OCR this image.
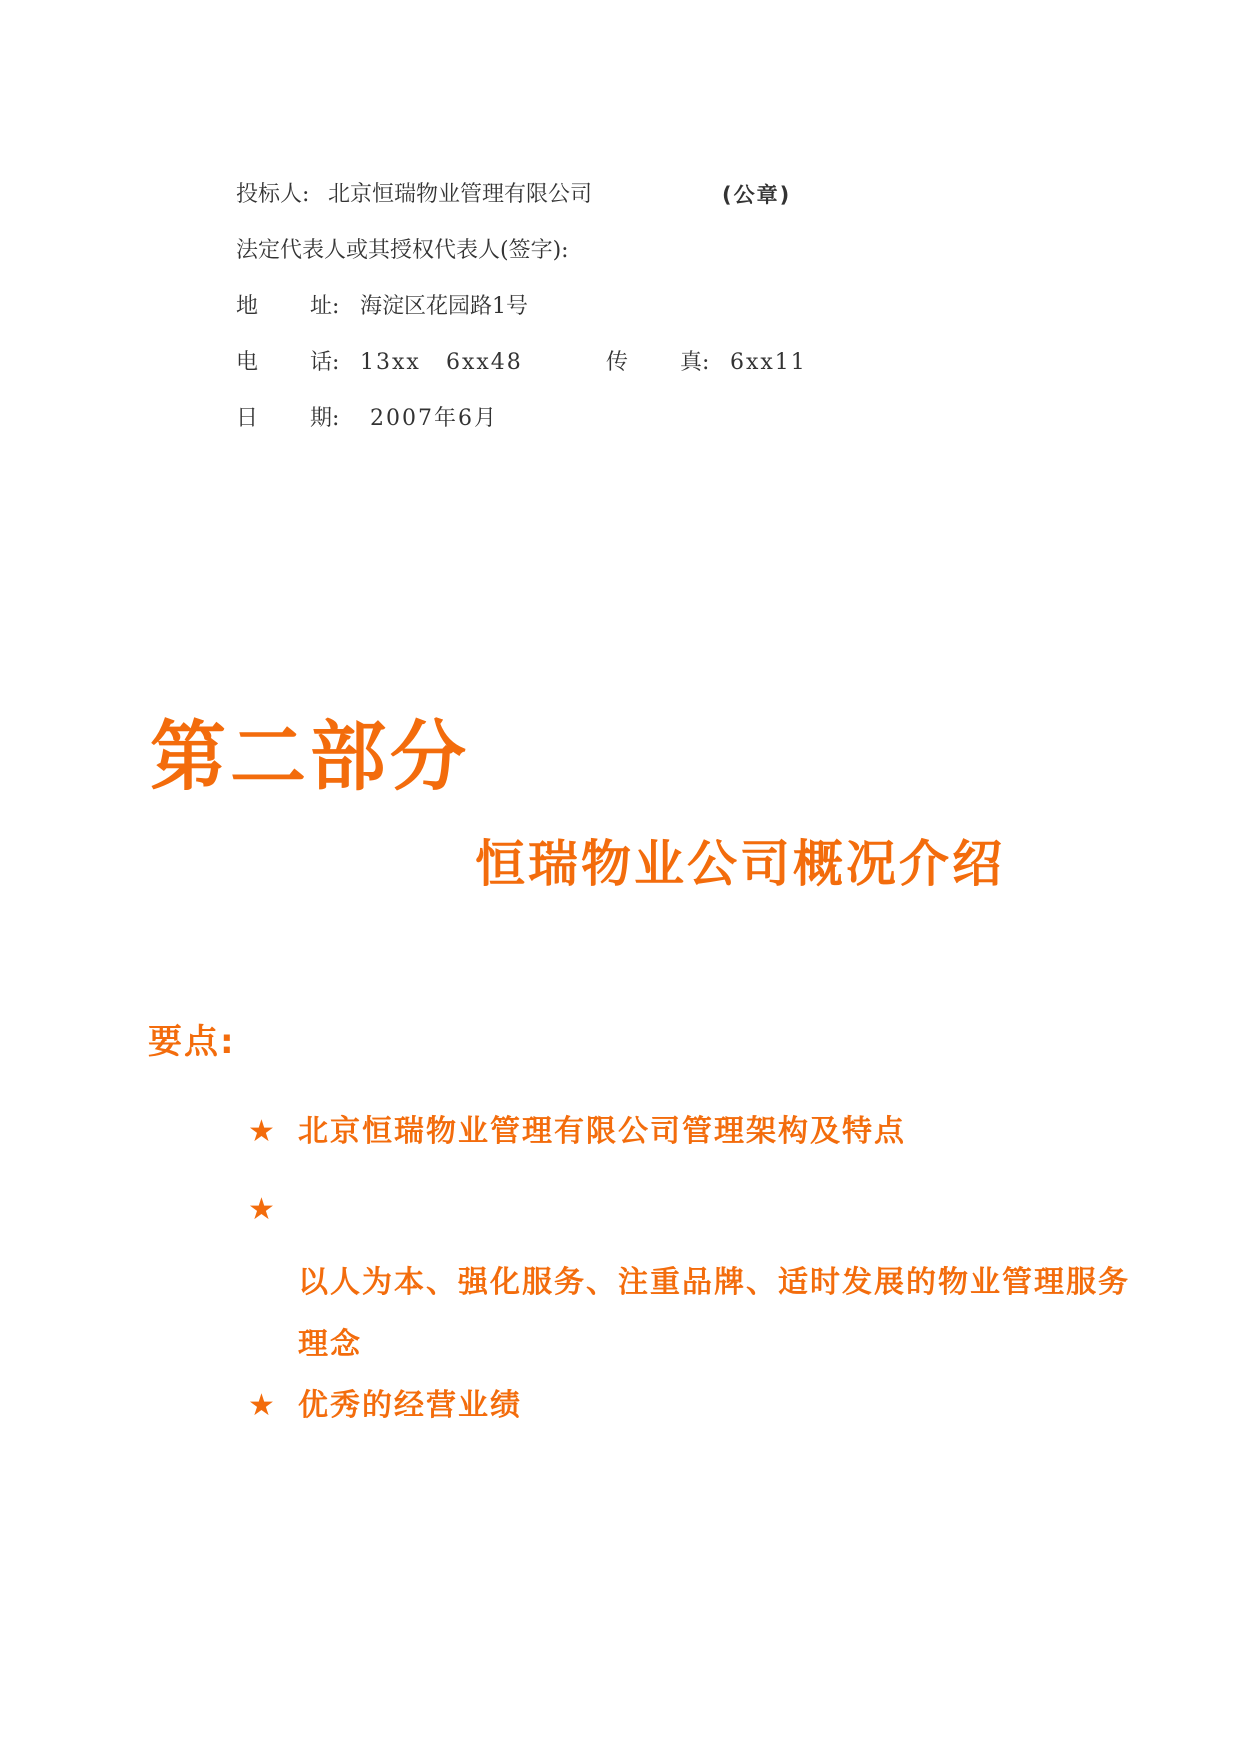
投标人: 北京恒瑞物业管理有限公司	(公章)
法定代表人或其授权代表人(签字):
地 址: 海淀区花园路1号
电 话: 13xx 6xx48	传 真: 6xx11
日 期: 2007年6月
第二部分
恒瑞物业公司概况介绍
要点:
★ 北京恒瑞物业管理有限公司管理架构及特点
★
以人为本、强化服务、注重品牌、适时发展的物业管理服务理念
★ 优秀的经营业绩
